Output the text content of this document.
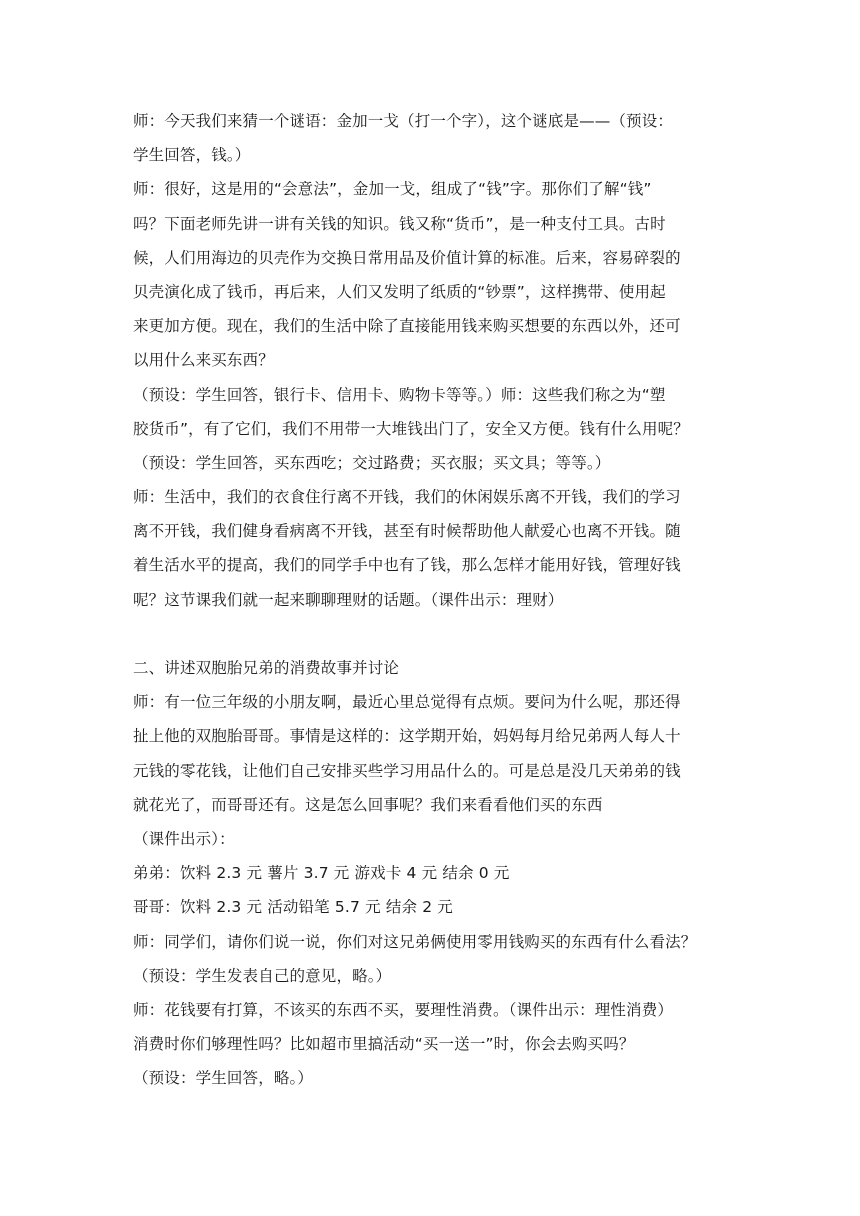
师：今天我们来猜一个谜语：金加一戈（打一个字），这个谜底是——（预设：
学生回答，钱。）
师：很好，这是用的“会意法”，金加一戈，组成了“钱”字。那你们了解“钱”
吗？下面老师先讲一讲有关钱的知识。钱又称“货币”，是一种支付工具。古时
候，人们用海边的贝壳作为交换日常用品及价值计算的标准。后来，容易碎裂的
贝壳演化成了钱币，再后来，人们又发明了纸质的“钞票”，这样携带、使用起
来更加方便。现在，我们的生活中除了直接能用钱来购买想要的东西以外，还可
以用什么来买东西？
（预设：学生回答，银行卡、信用卡、购物卡等等。）师：这些我们称之为“塑
胶货币”，有了它们，我们不用带一大堆钱出门了，安全又方便。钱有什么用呢？
（预设：学生回答，买东西吃；交过路费；买衣服；买文具；等等。）
师：生活中，我们的衣食住行离不开钱，我们的休闲娱乐离不开钱，我们的学习
离不开钱，我们健身看病离不开钱，甚至有时候帮助他人献爱心也离不开钱。随
着生活水平的提高，我们的同学手中也有了钱，那么怎样才能用好钱，管理好钱
呢？这节课我们就一起来聊聊理财的话题。（课件出示：理财）
二、讲述双胞胎兄弟的消费故事并讨论
师：有一位三年级的小朋友啊，最近心里总觉得有点烦。要问为什么呢，那还得
扯上他的双胞胎哥哥。事情是这样的：这学期开始，妈妈每月给兄弟两人每人十
元钱的零花钱，让他们自己安排买些学习用品什么的。可是总是没几天弟弟的钱
就花光了，而哥哥还有。这是怎么回事呢？我们来看看他们买的东西
（课件出示）：
弟弟：饮料 2.3 元 薯片 3.7 元 游戏卡 4 元 结余 0 元
哥哥：饮料 2.3 元 活动铅笔 5.7 元 结余 2 元
师：同学们，请你们说一说，你们对这兄弟俩使用零用钱购买的东西有什么看法？
（预设：学生发表自己的意见，略。）
师：花钱要有打算，不该买的东西不买，要理性消费。（课件出示：理性消费）
消费时你们够理性吗？比如超市里搞活动“买一送一”时，你会去购买吗？
（预设：学生回答，略。）
